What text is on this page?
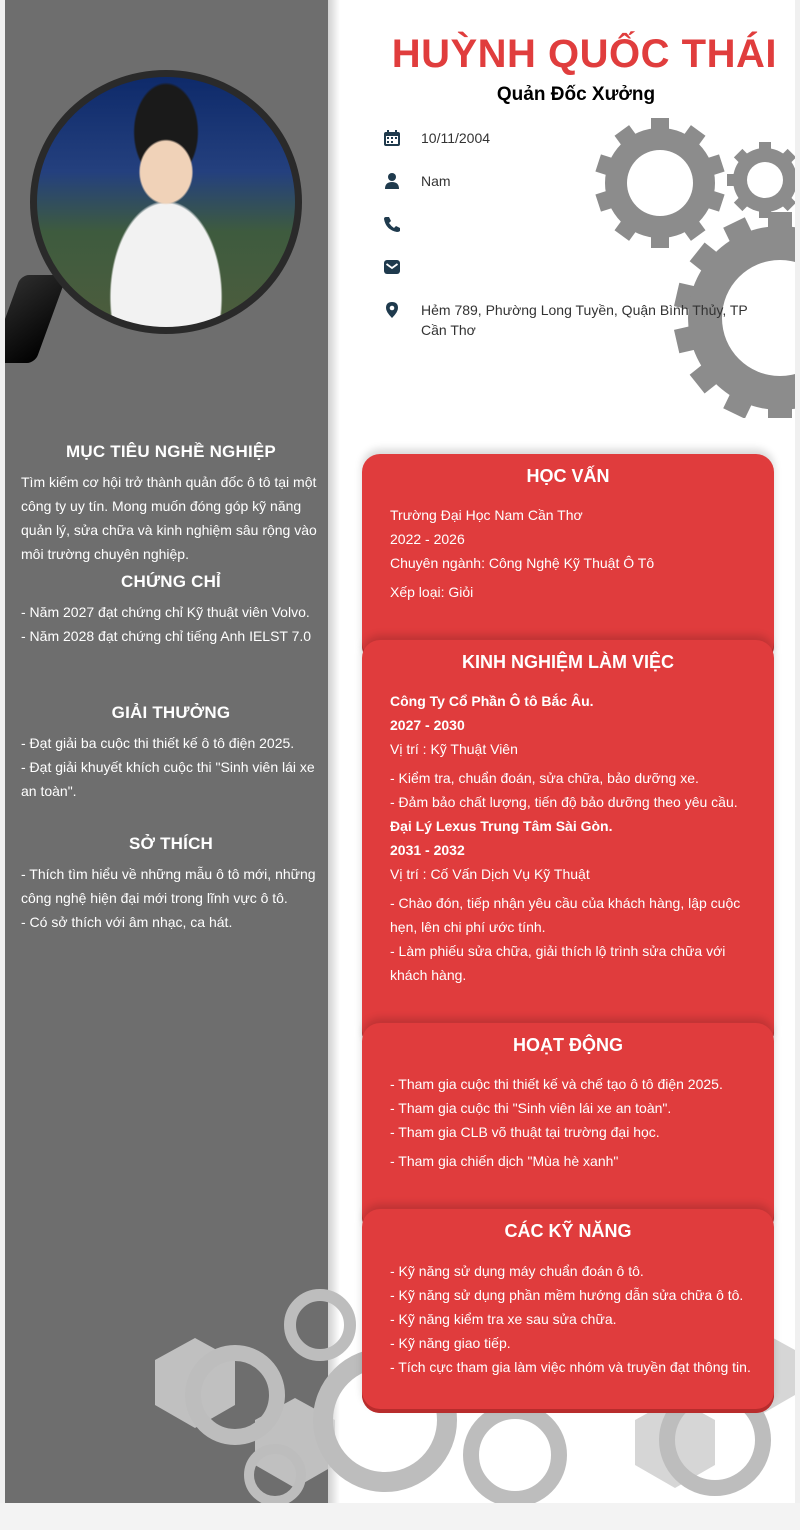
HUỲNH QUỐC THÁI
Quản Đốc Xưởng
10/11/2004
Nam
Hẻm 789, Phường Long Tuyền, Quận Bình Thủy, TP Cần Thơ

MỤC TIÊU NGHỀ NGHIỆP

Tìm kiếm cơ hội trở thành quản đốc ô tô tại một công ty uy tín. Mong muốn đóng góp kỹ năng quản lý, sửa chữa và kinh nghiệm sâu rộng vào môi trường chuyên nghiệp.

CHỨNG CHỈ

- Năm 2027 đạt chứng chỉ Kỹ thuật viên Volvo.

- Năm 2028 đạt chứng chỉ tiếng Anh IELST 7.0

GIẢI THƯỞNG

- Đạt giải ba cuộc thi thiết kế ô tô điện 2025.

- Đạt giải khuyết khích cuộc thi "Sinh viên lái xe an toàn".

SỞ THÍCH

- Thích tìm hiểu về những mẫu ô tô mới, những công nghệ hiện đại mới trong lĩnh vực ô tô.

- Có sở thích với âm nhạc, ca hát.

HỌC VẤN

Trường Đại Học Nam Cần Thơ

2022 - 2026

Chuyên ngành: Công Nghệ Kỹ Thuật Ô Tô

Xếp loại: Giỏi

KINH NGHIỆM LÀM VIỆC

Công Ty Cổ Phần Ô tô Bắc Âu.

2027 - 2030

Vị trí : Kỹ Thuật Viên

- Kiểm tra, chuẩn đoán, sửa chữa, bảo dưỡng xe.

- Đảm bảo chất lượng, tiến độ bảo dưỡng theo yêu cầu.

Đại Lý Lexus Trung Tâm Sài Gòn.

2031 - 2032

Vị trí : Cố Vấn Dịch Vụ Kỹ Thuật

- Chào đón, tiếp nhận yêu cầu của khách hàng, lập cuộc hẹn, lên chi phí ước tính.

- Làm phiếu sửa chữa, giải thích lộ trình sửa chữa với khách hàng.

HOẠT ĐỘNG

- Tham gia cuộc thi thiết kế và chế tạo ô tô điện 2025.

- Tham gia cuộc thi "Sinh viên lái xe an toàn".

- Tham gia CLB võ thuật tại trường đại học.

- Tham gia chiến dịch "Mùa hè xanh"

CÁC KỸ NĂNG

- Kỹ năng sử dụng máy chuẩn đoán ô tô.

- Kỹ năng sử dụng phần mềm hướng dẫn sửa chữa ô tô.

- Kỹ năng kiểm tra xe sau sửa chữa.

- Kỹ năng giao tiếp.

- Tích cực tham gia làm việc nhóm và truyền đạt thông tin.
